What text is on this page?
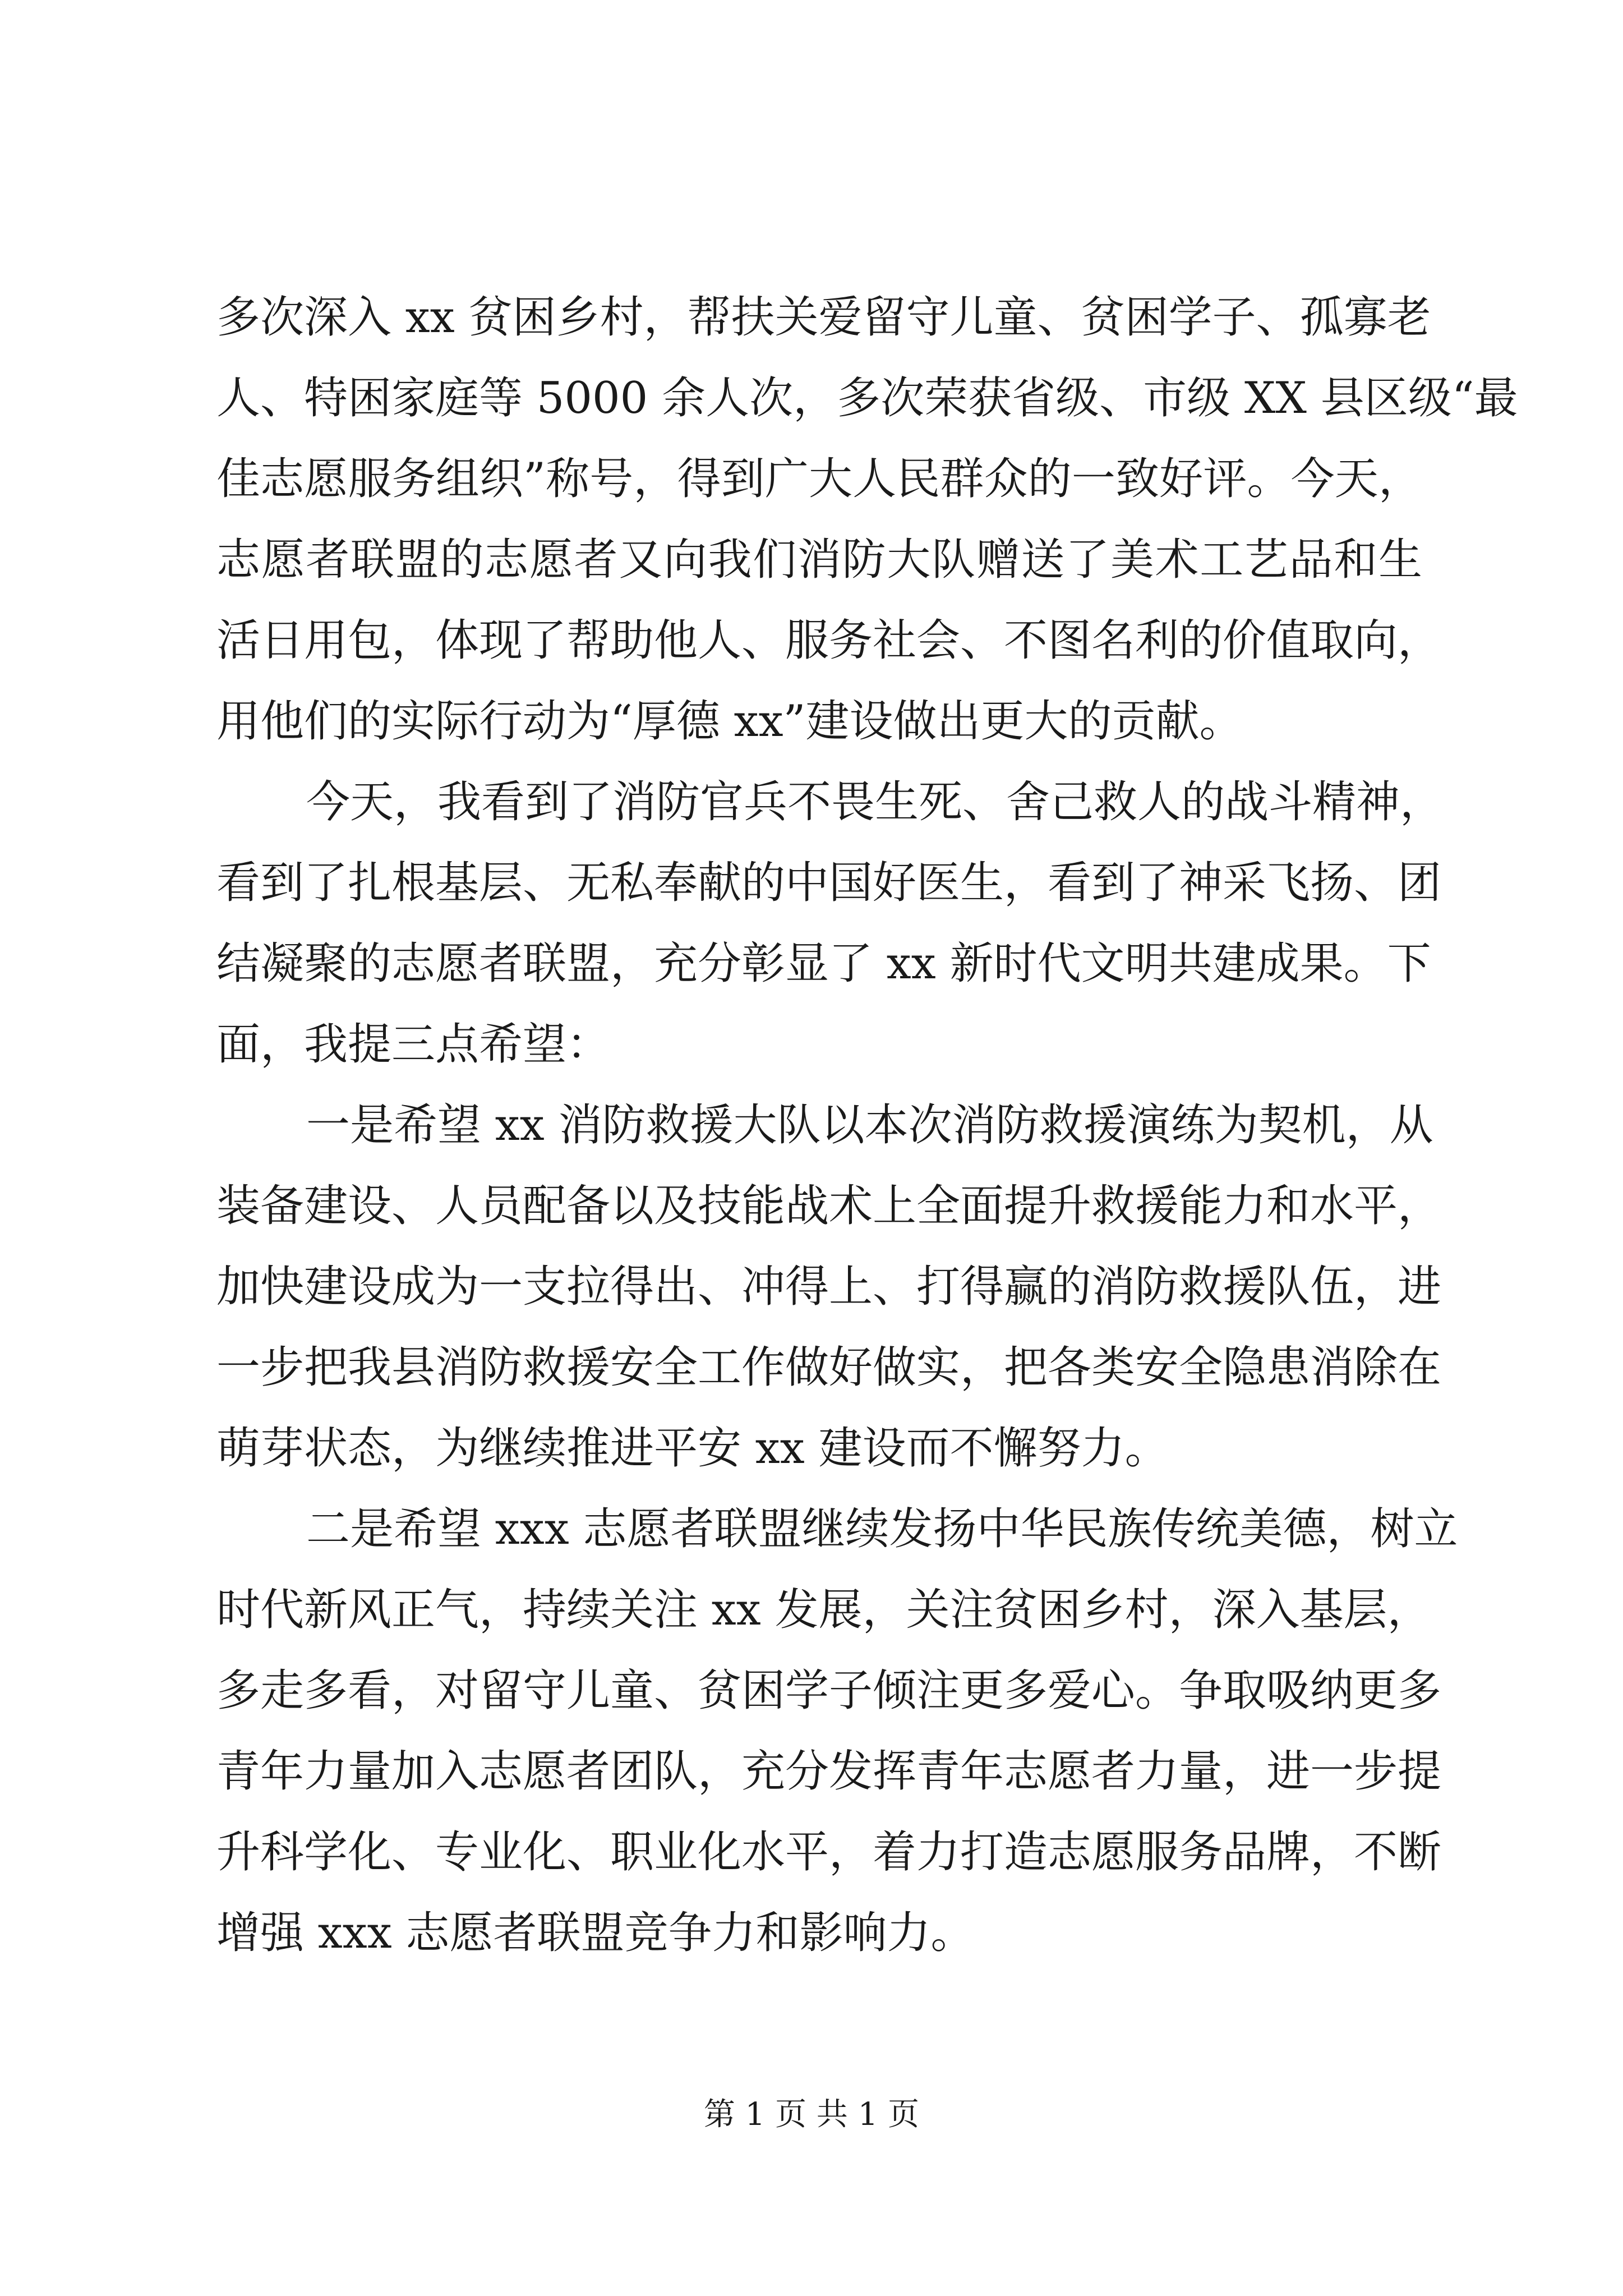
多次深入 xx 贫困乡村，帮扶关爱留守儿童、贫困学子、孤寡老
人、特困家庭等 5000 余人次，多次荣获省级、市级 XX 县区级“最
佳志愿服务组织”称号，得到广大人民群众的一致好评。今天，
志愿者联盟的志愿者又向我们消防大队赠送了美术工艺品和生
活日用包，体现了帮助他人、服务社会、不图名利的价值取向，
用他们的实际行动为“厚德 xx”建设做出更大的贡献。
今天，我看到了消防官兵不畏生死、舍己救人的战斗精神，
看到了扎根基层、无私奉献的中国好医生，看到了神采飞扬、团
结凝聚的志愿者联盟，充分彰显了 xx 新时代文明共建成果。下
面，我提三点希望：
一是希望 xx 消防救援大队以本次消防救援演练为契机，从
装备建设、人员配备以及技能战术上全面提升救援能力和水平，
加快建设成为一支拉得出、冲得上、打得赢的消防救援队伍，进
一步把我县消防救援安全工作做好做实，把各类安全隐患消除在
萌芽状态，为继续推进平安 xx 建设而不懈努力。
二是希望 xxx 志愿者联盟继续发扬中华民族传统美德，树立
时代新风正气，持续关注 xx 发展，关注贫困乡村，深入基层，
多走多看，对留守儿童、贫困学子倾注更多爱心。争取吸纳更多
青年力量加入志愿者团队，充分发挥青年志愿者力量，进一步提
升科学化、专业化、职业化水平，着力打造志愿服务品牌，不断
增强 xxx 志愿者联盟竞争力和影响力。
第 1 页 共 1 页
